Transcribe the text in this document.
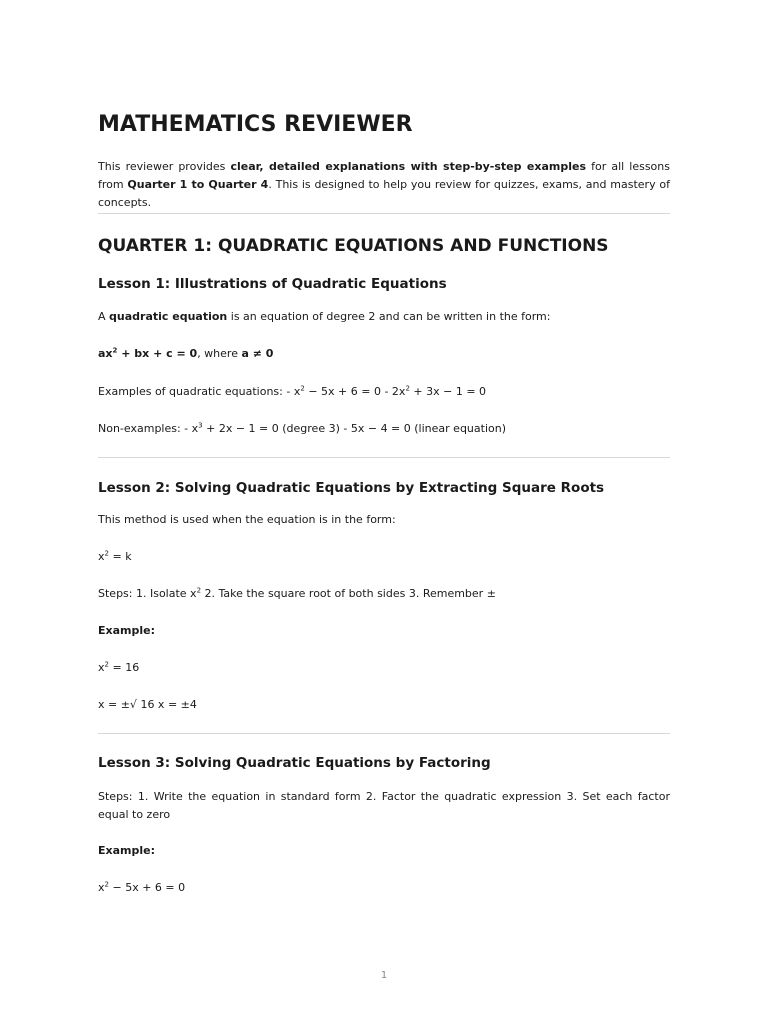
MATHEMATICS REVIEWER

This reviewer provides clear, detailed explanations with step-by-step examples for all lessons from Quarter 1 to Quarter 4. This is designed to help you review for quizzes, exams, and mastery of concepts.

QUARTER 1: QUADRATIC EQUATIONS AND FUNCTIONS
Lesson 1: Illustrations of Quadratic Equations

A quadratic equation is an equation of degree 2 and can be written in the form:

$ax^2$ + bx + c = 0, where a ≠ 0

Examples of quadratic equations: - $x^2 - 5x + 6 = 0 - 2x^2 + 3x - 1 = 0$

Non-examples: - $x^3 + 2x - 1 = 0$ (degree 3) - 5x − 4 = 0 (linear equation)

Lesson 2: Solving Quadratic Equations by Extracting Square Roots

This method is used when the equation is in the form:

$x^2 = k$

Steps: 1. Isolate $x^2$ 2. Take the square root of both sides 3. Remember ±

Example:

$x^2 = 16$

x = ±√ 16 x = ±4

Lesson 3: Solving Quadratic Equations by Factoring

Steps: 1. Write the equation in standard form 2. Factor the quadratic expression 3. Set each factor equal to zero

Example:

$x^2 - 5x + 6 = 0$

1
